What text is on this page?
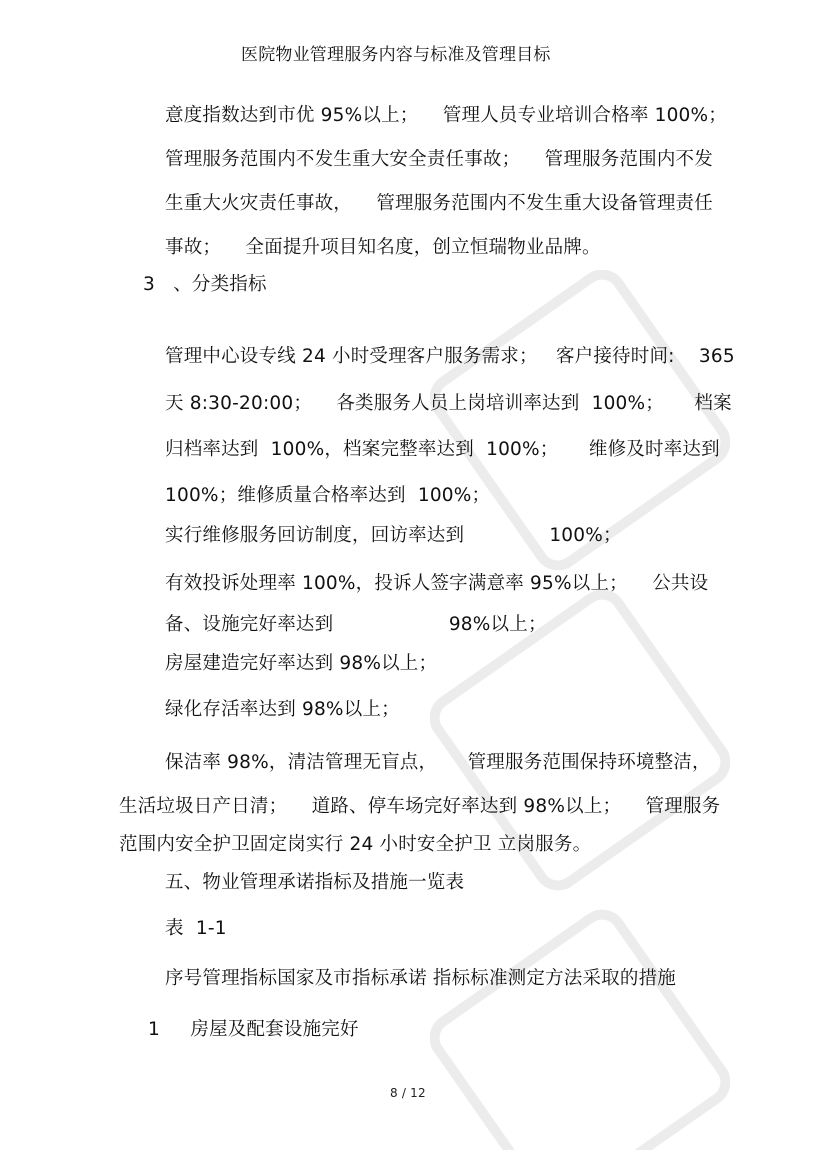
医院物业管理服务内容与标准及管理目标
意度指数达到市优 95%以上；    管理人员专业培训合格率 100%；
管理服务范围内不发生重大安全责任事故；    管理服务范围内不发
生重大火灾责任事故，    管理服务范围内不发生重大设备管理责任
事故；    全面提升项目知名度，创立恒瑞物业品牌。
3   、分类指标
管理中心设专线 24 小时受理客户服务需求；   客户接待时间:    365
天 8:30-20:00；    各类服务人员上岗培训率达到  100%；     档案
归档率达到  100%，档案完整率达到  100%；     维修及时率达到
100%；维修质量合格率达到  100%；
实行维修服务回访制度，回访率达到              100%；
有效投诉处理率 100%，投诉人签字满意率 95%以上；    公共设
备、设施完好率达到                   98%以上；
房屋建造完好率达到 98%以上；
绿化存活率达到 98%以上；
保洁率 98%，清洁管理无盲点，     管理服务范围保持环境整洁，
生活垃圾日产日清；    道路、停车场完好率达到 98%以上；    管理服务
范围内安全护卫固定岗实行 24 小时安全护卫 立岗服务。
五、物业管理承诺指标及措施一览表
表  1-1
序号管理指标国家及市指标承诺 指标标准测定方法采取的措施
1     房屋及配套设施完好
8 / 12
